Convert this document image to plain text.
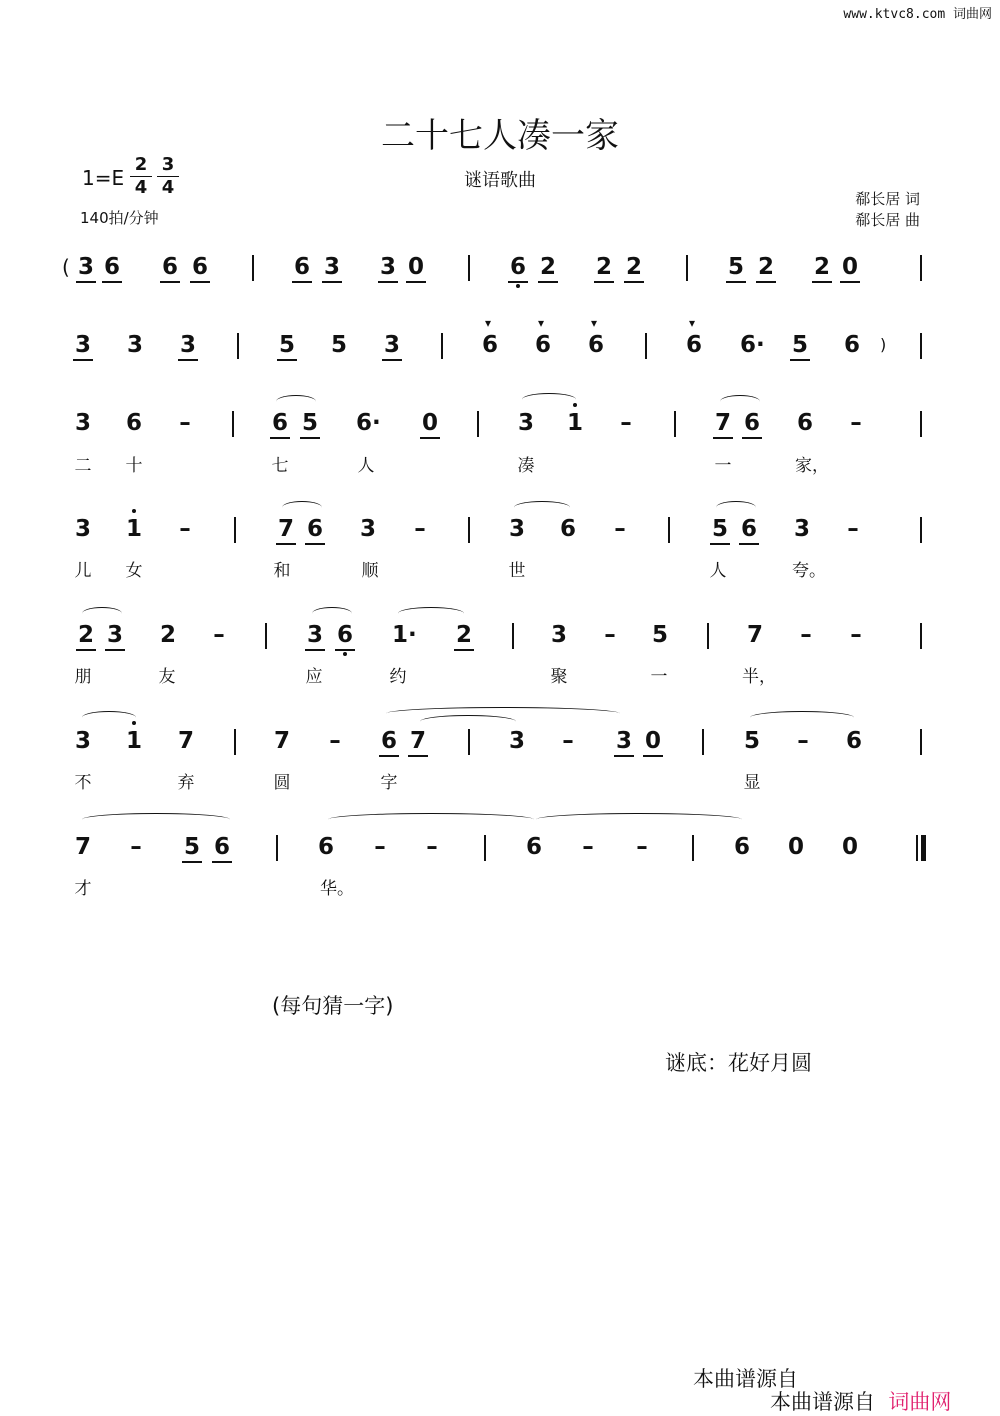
www.ktvc8.com 词曲网
二十七人凑一家
谜语歌曲
1=E
2
4
3
4
140拍/分钟
郗长居 词
郗长居 曲
( 3 6 6 6	6 3 3 0	6 2 2 2	5 2 2 0
3 3 3	5 5 3	▾ 6 ▾ 6 ▾ 6	▾ 6 6· 5 6 )
3 6 –	6 5 6· 0	3 1 –	7 6 6 –
二 十	七	人	凑	一	家，
3 1 –	7 6 3 –	3 6 –	5 6 3 –
儿 女	和	顺	世	人	夸。
2 3 2 –	3 6 1· 2	3 – 5	7 – –
朋	友	应	约	聚	一	半，
3 1 7	7 – 6 7	3 – 3 0	5 – 6
不	弃	圆	字	显
7 – 5 6	6 – –	6 – –	6 0 0
才	华。
(每句猜一字)
谜底：花好月圆
本曲谱源自
本曲谱源自 词曲网
